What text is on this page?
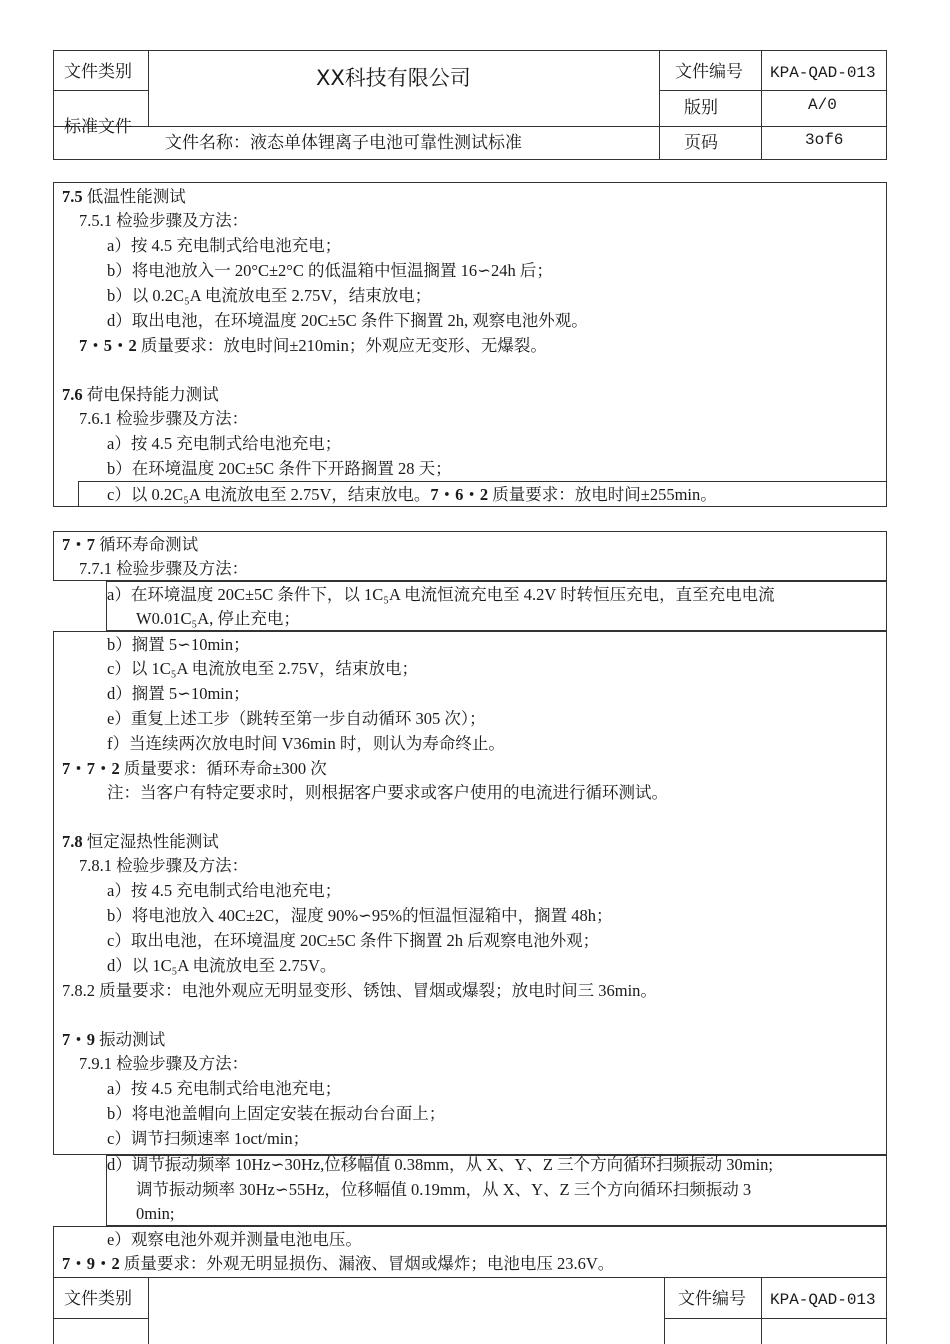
文件类别	XX科技有限公司	文件编号 KPA-QAD-013
标准文件
版别	A/0
文件名称：液态单体锂离子电池可靠性测试标准	页码	3of6
7.5 低温性能测试
7.5.1 检验步骤及方法：
a）按 4.5 充电制式给电池充电；
b）将电池放入一 20°C±2°C 的低温箱中恒温搁置 16∽24h 后；
b）以 0.2C₅A 电流放电至 2.75V，结束放电；
d）取出电池，在环境温度 20C±5C 条件下搁置 2h, 观察电池外观。
7・5・2 质量要求：放电时间±210min；外观应无变形、无爆裂。
7.6 荷电保持能力测试
7.6.1 检验步骤及方法：
a）按 4.5 充电制式给电池充电；
b）在环境温度 20C±5C 条件下开路搁置 28 天；
c）以 0.2C₅A 电流放电至 2.75V，结束放电。7・6・2 质量要求：放电时间±255min。
7・7 循环寿命测试
7.7.1 检验步骤及方法：
a）在环境温度 20C±5C 条件下，以 1C₅A 电流恒流充电至 4.2V 时转恒压充电，直至充电电流
W0.01C₅A, 停止充电；
b）搁置 5∽10min；
c）以 1C₅A 电流放电至 2.75V，结束放电；
d）搁置 5∽10min；
e）重复上述工步（跳转至第一步自动循环 305 次）；
f）当连续两次放电时间 V36min 时，则认为寿命终止。
7・7・2 质量要求：循环寿命±300 次
注：当客户有特定要求时，则根据客户要求或客户使用的电流进行循环测试。
7.8 恒定湿热性能测试
7.8.1 检验步骤及方法：
a）按 4.5 充电制式给电池充电；
b）将电池放入 40C±2C，湿度 90%∽95%的恒温恒湿箱中，搁置 48h；
c）取出电池，在环境温度 20C±5C 条件下搁置 2h 后观察电池外观；
d）以 1C₅A 电流放电至 2.75V。
7.8.2 质量要求：电池外观应无明显变形、锈蚀、冒烟或爆裂；放电时间三 36min。
7・9 振动测试
7.9.1 检验步骤及方法：
a）按 4.5 充电制式给电池充电；
b）将电池盖帽向上固定安装在振动台台面上；
c）调节扫频速率 1oct/min；
d）调节振动频率 10Hz∽30Hz,位移幅值 0.38mm，从 X、Y、Z 三个方向循环扫频振动 30min;
调节振动频率 30Hz∽55Hz，位移幅值 0.19mm，从 X、Y、Z 三个方向循环扫频振动 3
0min;
e）观察电池外观并测量电池电压。
7・9・2 质量要求：外观无明显损伤、漏液、冒烟或爆炸；电池电压 23.6V。
文件类别	文件编号 KPA-QAD-013
